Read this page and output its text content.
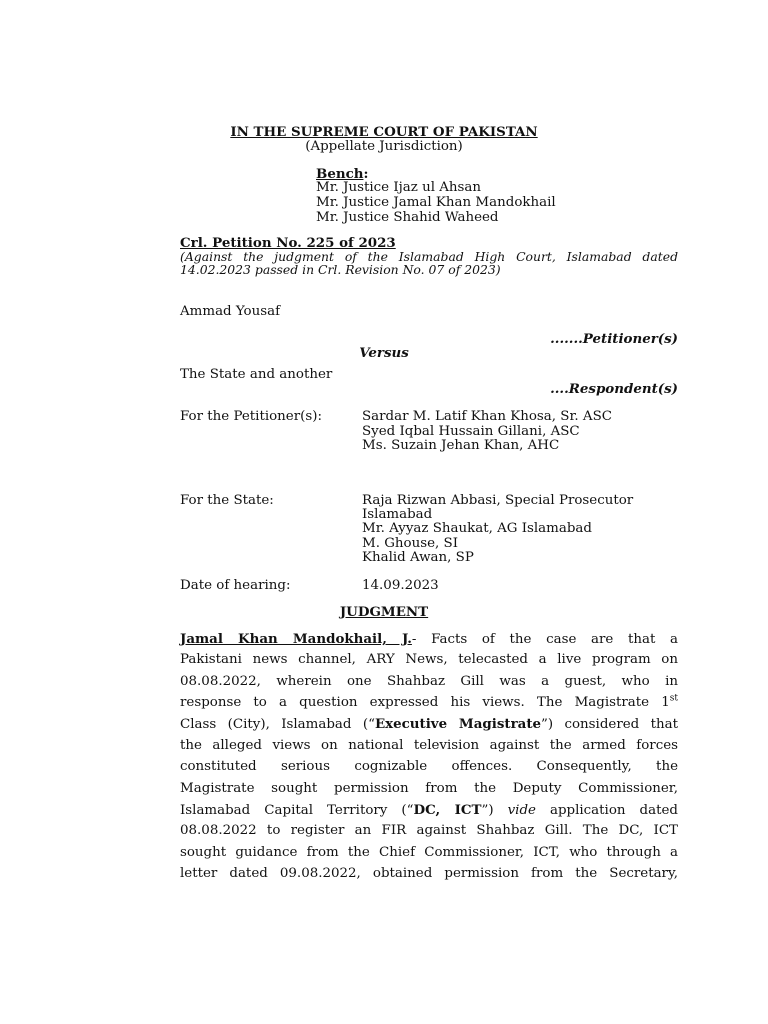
IN THE SUPREME COURT OF PAKISTAN
(Appellate Jurisdiction)
Bench:
Mr. Justice Ijaz ul Ahsan
Mr. Justice Jamal Khan Mandokhail
Mr. Justice Shahid Waheed
Crl. Petition No. 225 of 2023
(Against the judgment of the Islamabad High Court, Islamabad dated
14.02.2023 passed in Crl. Revision No. 07 of 2023)
Ammad Yousaf
.......Petitioner(s)
Versus
The State and another
....Respondent(s)
For the Petitioner(s):	Sardar M. Latif Khan Khosa, Sr. ASC
Syed Iqbal Hussain Gillani, ASC
Ms. Suzain Jehan Khan, AHC
For the State:	Raja Rizwan Abbasi, Special Prosecutor
Islamabad
Mr. Ayyaz Shaukat, AG Islamabad
M. Ghouse, SI
Khalid Awan, SP
Date of hearing:	14.09.2023
JUDGMENT
Jamal Khan Mandokhail, J.- Facts of the case are that a
Pakistani news channel, ARY News, telecasted a live program on
08.08.2022, wherein one Shahbaz Gill was a guest, who in
response to a question expressed his views. The Magistrate 1st
Class (City), Islamabad (“Executive Magistrate”) considered that
the alleged views on national television against the armed forces
constituted serious cognizable offences. Consequently, the
Magistrate sought permission from the Deputy Commissioner,
Islamabad Capital Territory (“DC, ICT”) vide application dated
08.08.2022 to register an FIR against Shahbaz Gill. The DC, ICT
sought guidance from the Chief Commissioner, ICT, who through a
letter dated 09.08.2022, obtained permission from the Secretary,
